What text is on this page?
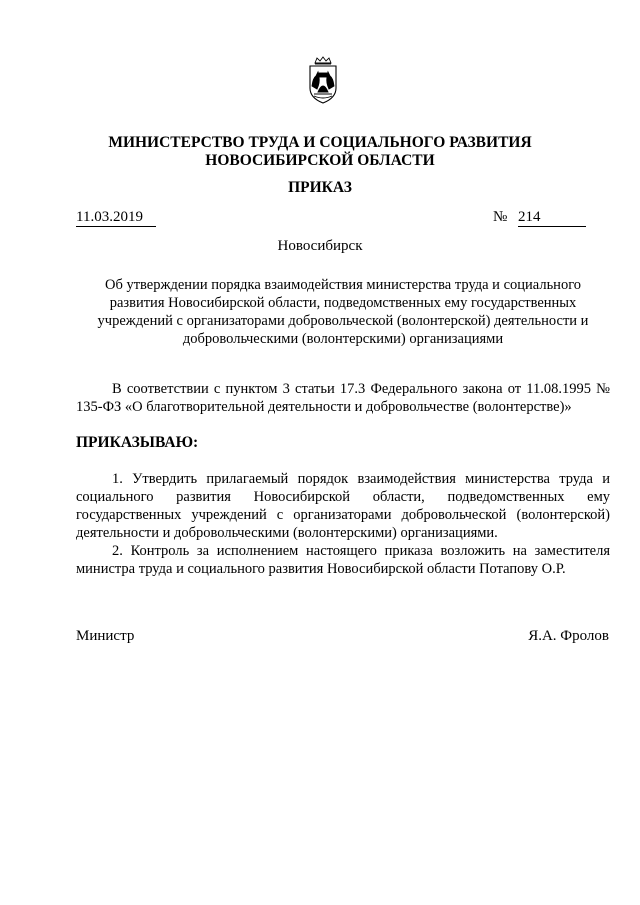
МИНИСТЕРСТВО ТРУДА И СОЦИАЛЬНОГО РАЗВИТИЯ
НОВОСИБИРСКОЙ ОБЛАСТИ
ПРИКАЗ
11.03.2019	№ 214
Новосибирск
Об утверждении порядка взаимодействия министерства труда и социального развития Новосибирской области, подведомственных ему государственных учреждений с организаторами добровольческой (волонтерской) деятельности и добровольческими (волонтерскими) организациями
В соответствии с пунктом 3 статьи 17.3 Федерального закона от 11.08.1995 № 135-ФЗ «О благотворительной деятельности и добровольчестве (волонтерстве)»
ПРИКАЗЫВАЮ:
1. Утвердить прилагаемый порядок взаимодействия министерства труда и социального развития Новосибирской области, подведомственных ему государственных учреждений с организаторами добровольческой (волонтерской) деятельности и добровольческими (волонтерскими) организациями.
2. Контроль за исполнением настоящего приказа возложить на заместителя министра труда и социального развития Новосибирской области Потапову О.Р.
Министр	Я.А. Фролов
